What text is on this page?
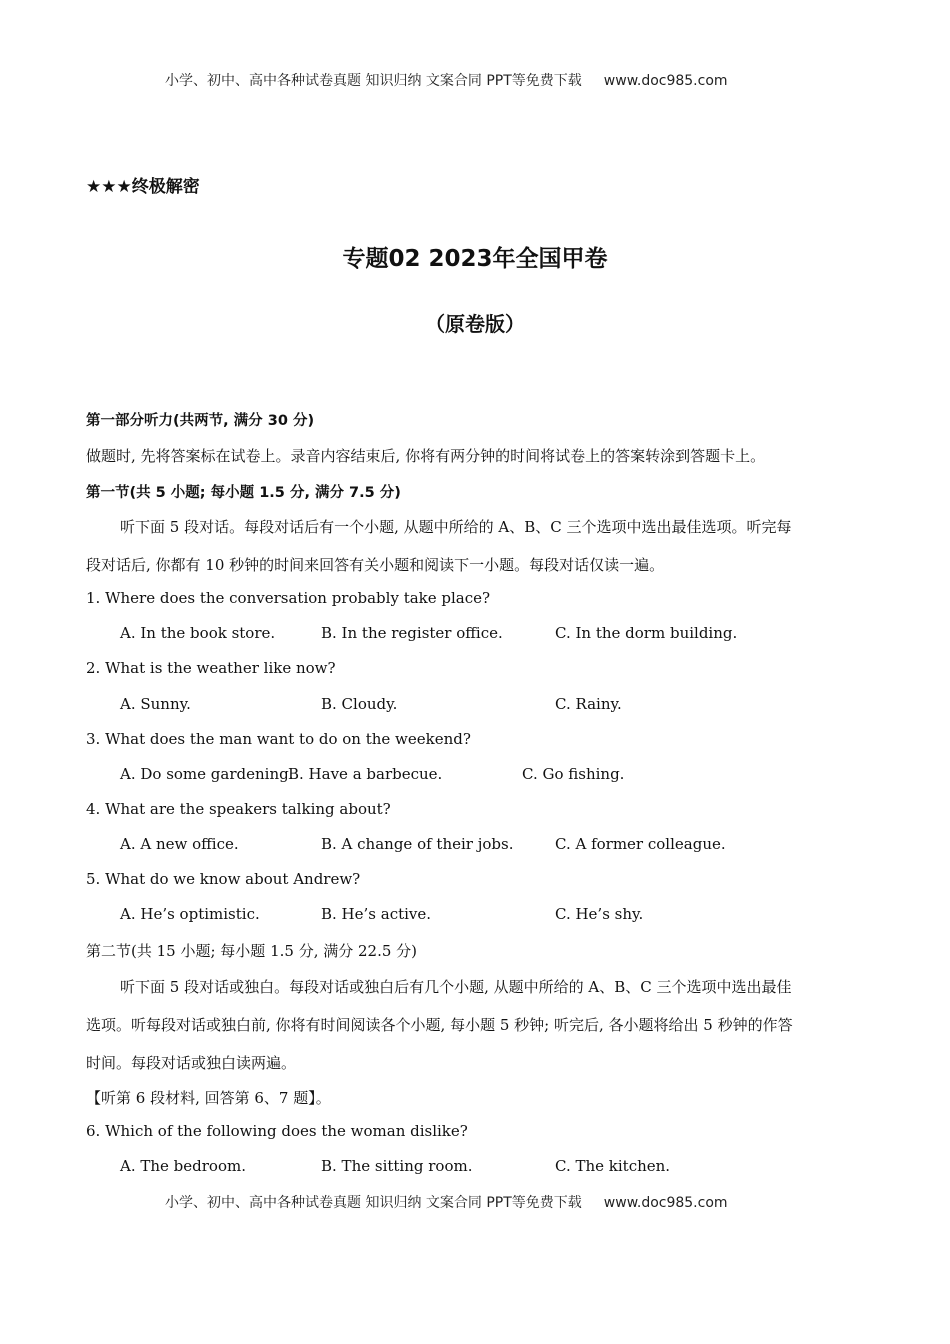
小学、初中、高中各种试卷真题 知识归纳 文案合同 PPT等免费下载 www.doc985.com
★★★终极解密
专题02 2023年全国甲卷
（原卷版）
第一部分听力(共两节, 满分 30 分)
做题时, 先将答案标在试卷上。录音内容结束后, 你将有两分钟的时间将试卷上的答案转涂到答题卡上。
第一节(共 5 小题; 每小题 1.5 分, 满分 7.5 分)
听下面 5 段对话。每段对话后有一个小题, 从题中所给的 A、B、C 三个选项中选出最佳选项。听完每
段对话后, 你都有 10 秒钟的时间来回答有关小题和阅读下一小题。每段对话仅读一遍。
1. Where does the conversation probably take place?
A. In the book store.	B. In the register office.	C. In the dorm building.
2. What is the weather like now?
A. Sunny.	B. Cloudy.	C. Rainy.
3. What does the man want to do on the weekend?
A. Do some gardening.
B. Have a barbecue.	C. Go fishing.
4. What are the speakers talking about?
A. A new office.	B. A change of their jobs.	C. A former colleague.
5. What do we know about Andrew?
A. He’s optimistic.	B. He’s active.	C. He’s shy.
第二节(共 15 小题; 每小题 1.5 分, 满分 22.5 分)
听下面 5 段对话或独白。每段对话或独白后有几个小题, 从题中所给的 A、B、C 三个选项中选出最佳
选项。听每段对话或独白前, 你将有时间阅读各个小题, 每小题 5 秒钟; 听完后, 各小题将给出 5 秒钟的作答
时间。每段对话或独白读两遍。
【听第 6 段材料, 回答第 6、7 题】。
6. Which of the following does the woman dislike?
A. The bedroom.	B. The sitting room.	C. The kitchen.
小学、初中、高中各种试卷真题 知识归纳 文案合同 PPT等免费下载 www.doc985.com
